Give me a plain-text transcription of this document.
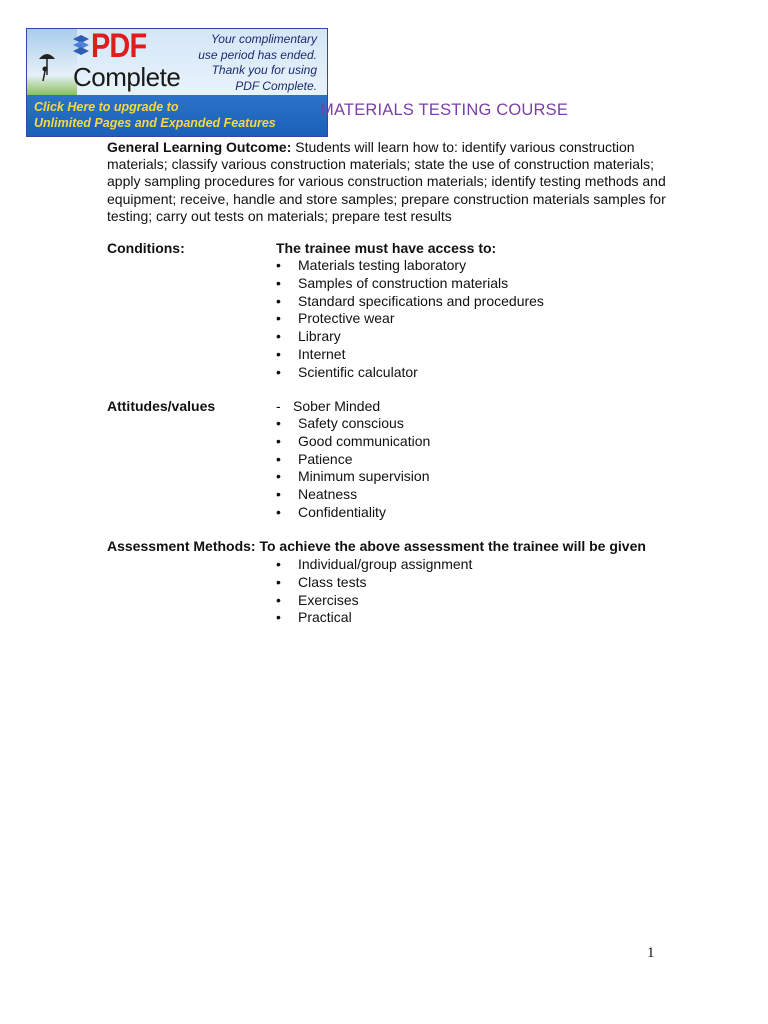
PDF
Complete
Your complimentary
use period has ended.
Thank you for using
PDF Complete.
Click Here to upgrade to
Unlimited Pages and Expanded Features
MATERIALS TESTING COURSE
General Learning Outcome: Students will learn how to: identify various construction materials; classify various construction materials; state the use of construction materials; apply sampling procedures for various construction materials; identify testing methods and equipment; receive, handle and store samples; prepare construction materials samples for testing; carry out tests on materials; prepare test results
Conditions:	The trainee must have access to:
• Materials testing laboratory
• Samples of construction materials
• Standard specifications and procedures
• Protective wear
• Library
• Internet
• Scientific calculator
Attitudes/values	- Sober Minded
• Safety conscious
• Good communication
• Patience
• Minimum supervision
• Neatness
• Confidentiality
Assessment Methods: To achieve the above assessment the trainee will be given
• Individual/group assignment
• Class tests
• Exercises
• Practical
1
